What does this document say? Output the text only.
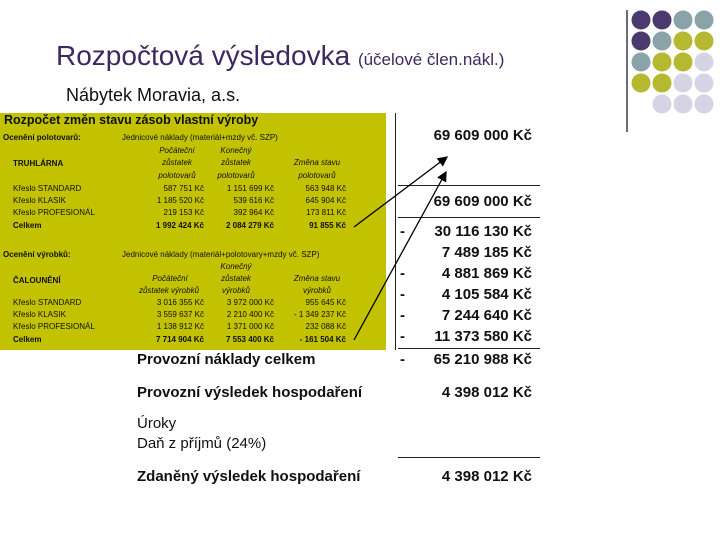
Rozpočtová výsledovka (účelové člen.nákl.)
Nábytek Moravia, a.s.
Rozpočet změn stavu zásob vlastní výroby
Ocenění polotovarů:	Jednicové náklady (materiál+mzdy vč. SZP)
Počáteční	Konečný
zůstatek	zůstatek	Změna stavu
TRUHLÁRNA
polotovarů	polotovarů	polotovarů
Křeslo STANDARD	587 751 Kč	1 151 699 Kč	563 948 Kč
Křeslo KLASIK	1 185 520 Kč	539 616 Kč	645 904 Kč
Křeslo PROFESIONÁL	219 153 Kč	392 964 Kč	173 811 Kč
Celkem	1 992 424 Kč	2 084 279 Kč	91 855 Kč
Ocenění výrobků:	Jednicové náklady (materiál+polotovary+mzdy vč. SZP)
Konečný
Počáteční	zůstatek	Změna stavu
ČALOUNĚNÍ
zůstatek výrobků	výrobků	výrobků
Křeslo STANDARD	3 016 355 Kč	3 972 000 Kč	955 645 Kč
Křeslo KLASIK	3 559 637 Kč	2 210 400 Kč	- 1 349 237 Kč
Křeslo PROFESIONÁL	1 138 912 Kč	1 371 000 Kč	232 088 Kč
Celkem	7 714 904 Kč	7 553 400 Kč	- 161 504 Kč
69 609 000 Kč
69 609 000 Kč
- 30 116 130 Kč
7 489 185 Kč
- 4 881 869 Kč
- 4 105 584 Kč
- 7 244 640 Kč
- 11 373 580 Kč
Provozní náklady celkem	- 65 210 988 Kč
Provozní výsledek hospodaření	4 398 012 Kč
Úroky
Daň z příjmů (24%)
Zdaněný výsledek hospodaření	4 398 012 Kč
